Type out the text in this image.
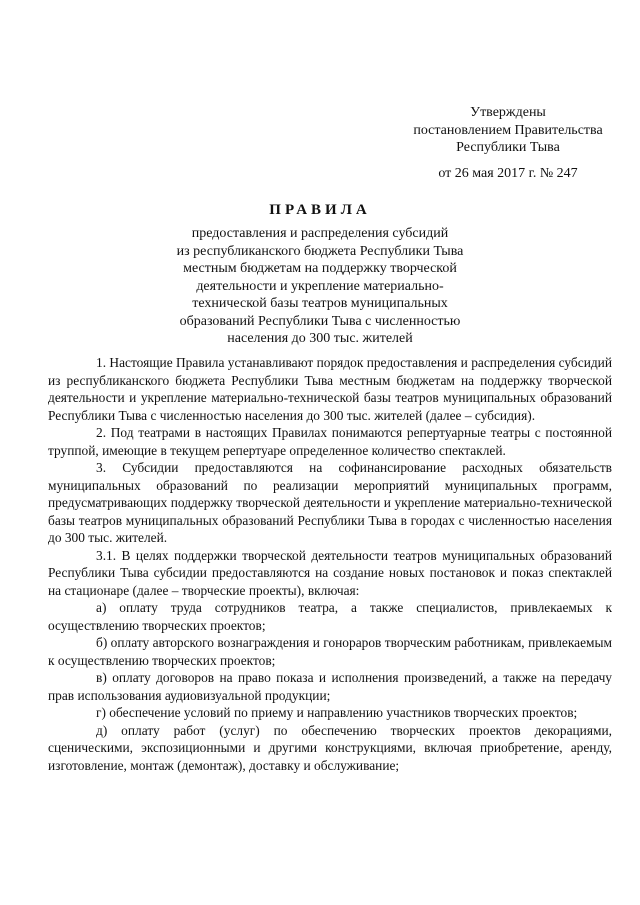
Утверждены
постановлением Правительства
Республики Тыва
от 26 мая 2017 г. № 247
ПРАВИЛА
предоставления и распределения субсидий
из республиканского бюджета Республики Тыва
местным бюджетам на поддержку творческой
деятельности и укрепление материально-
технической базы театров муниципальных
образований Республики Тыва с численностью
населения до 300 тыс. жителей

1. Настоящие Правила устанавливают порядок предоставления и распределения субсидий из республиканского бюджета Республики Тыва местным бюджетам на поддержку творческой деятельности и укрепление материально-технической базы театров муниципальных образований Республики Тыва с численностью населения до 300 тыс. жителей (далее – субсидия).

2. Под театрами в настоящих Правилах понимаются репертуарные театры с постоянной труппой, имеющие в текущем репертуаре определенное количество спектаклей.

3. Субсидии предоставляются на софинансирование расходных обязательств муниципальных образований по реализации мероприятий муниципальных программ, предусматривающих поддержку творческой деятельности и укрепление материально-технической базы театров муниципальных образований Республики Тыва в городах с численностью населения до 300 тыс. жителей.

3.1. В целях поддержки творческой деятельности театров муниципальных образований Республики Тыва субсидии предоставляются на создание новых постановок и показ спектаклей на стационаре (далее – творческие проекты), включая:

а) оплату труда сотрудников театра, а также специалистов, привлекаемых к осуществлению творческих проектов;

б) оплату авторского вознаграждения и гонораров творческим работникам, привлекаемым к осуществлению творческих проектов;

в) оплату договоров на право показа и исполнения произведений, а также на передачу прав использования аудиовизуальной продукции;

г) обеспечение условий по приему и направлению участников творческих проектов;

д) оплату работ (услуг) по обеспечению творческих проектов декорациями, сценическими, экспозиционными и другими конструкциями, включая приобретение, аренду, изготовление, монтаж (демонтаж), доставку и обслуживание;
